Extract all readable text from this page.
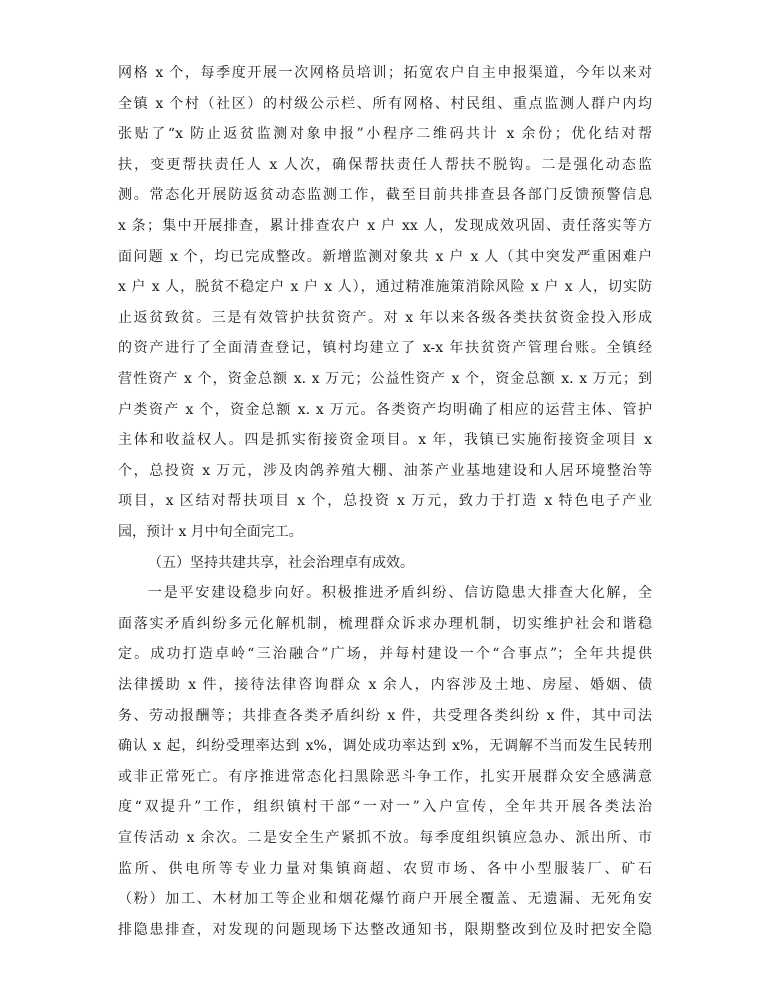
网格 x 个，每季度开展一次网格员培训；拓宽农户自主申报渠道，今年以来对
全镇 x 个村（社区）的村级公示栏、所有网格、村民组、重点监测人群户内均
张贴了“x 防止返贫监测对象申报”小程序二维码共计 x 余份；优化结对帮
扶，变更帮扶责任人 x 人次，确保帮扶责任人帮扶不脱钩。二是强化动态监
测。常态化开展防返贫动态监测工作，截至目前共排查县各部门反馈预警信息
x 条；集中开展排查，累计排查农户 x 户 xx 人，发现成效巩固、责任落实等方
面问题 x 个，均已完成整改。新增监测对象共 x 户 x 人（其中突发严重困难户
x 户 x 人，脱贫不稳定户 x 户 x 人），通过精准施策消除风险 x 户 x 人，切实防
止返贫致贫。三是有效管护扶贫资产。对 x 年以来各级各类扶贫资金投入形成
的资产进行了全面清查登记，镇村均建立了 x-x 年扶贫资产管理台账。全镇经
营性资产 x 个，资金总额 x. x 万元；公益性资产 x 个，资金总额 x. x 万元；到
户类资产 x 个，资金总额 x. x 万元。各类资产均明确了相应的运营主体、管护
主体和收益权人。四是抓实衔接资金项目。x 年，我镇已实施衔接资金项目 x
个，总投资 x 万元，涉及肉鸽养殖大棚、油茶产业基地建设和人居环境整治等
项目，x 区结对帮扶项目 x 个，总投资 x 万元，致力于打造 x 特色电子产业
园，预计 x 月中旬全面完工。
（五）坚持共建共享，社会治理卓有成效。
一是平安建设稳步向好。积极推进矛盾纠纷、信访隐患大排查大化解，全
面落实矛盾纠纷多元化解机制，梳理群众诉求办理机制，切实维护社会和谐稳
定。成功打造卓岭“三治融合”广场，并每村建设一个“合事点”；全年共提供
法律援助 x 件，接待法律咨询群众 x 余人，内容涉及土地、房屋、婚姻、债
务、劳动报酬等；共排查各类矛盾纠纷 x 件，共受理各类纠纷 x 件，其中司法
确认 x 起，纠纷受理率达到 x%，调处成功率达到 x%，无调解不当而发生民转刑
或非正常死亡。有序推进常态化扫黑除恶斗争工作，扎实开展群众安全感满意
度“双提升”工作，组织镇村干部“一对一”入户宣传，全年共开展各类法治
宣传活动 x 余次。二是安全生产紧抓不放。每季度组织镇应急办、派出所、市
监所、供电所等专业力量对集镇商超、农贸市场、各中小型服装厂、矿石
（粉）加工、木材加工等企业和烟花爆竹商户开展全覆盖、无遗漏、无死角安
排隐患排查，对发现的问题现场下达整改通知书，限期整改到位及时把安全隐
